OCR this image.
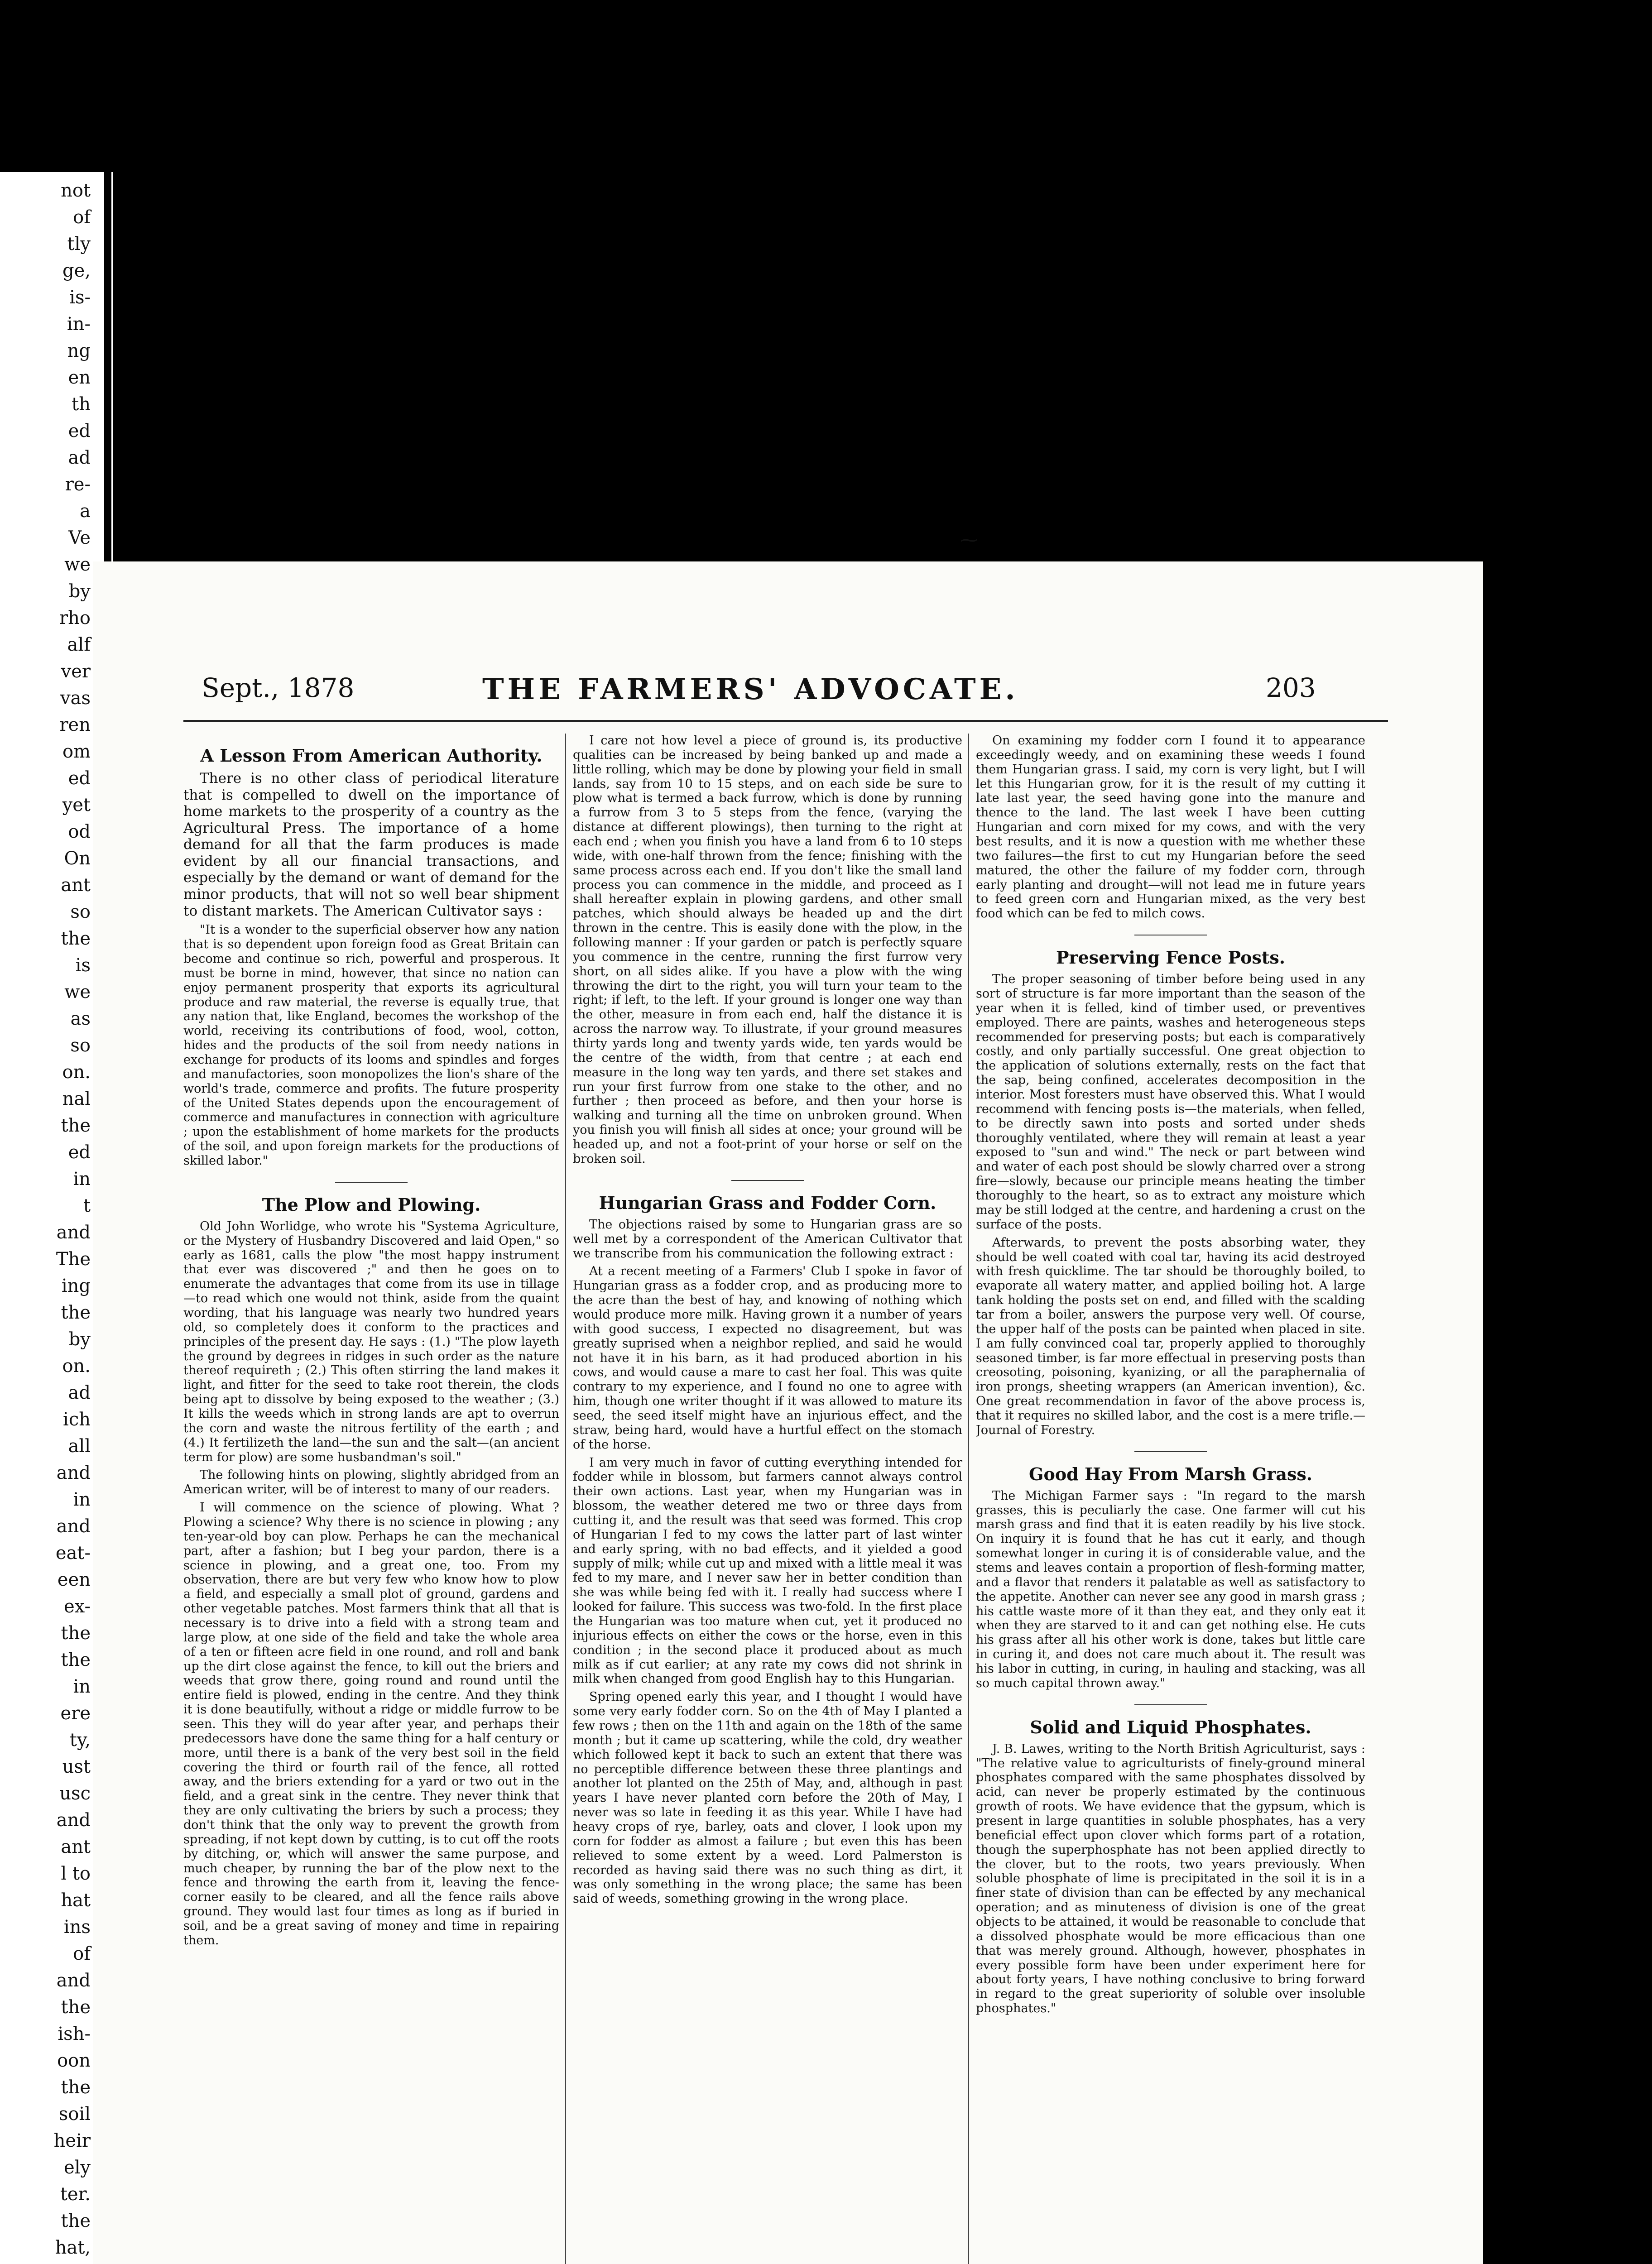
not
of
tly
ge,
is-
in-
ng
en
th
ed
ad
re-
a
Ve
we
by
rho
alf
ver
vas
ren
om
ed
yet
od
On
ant
so
the
is
we
as
so
on.
nal
the
ed
in
t
and
The
ing
the
by
on.
ad
ich
all
and
in
and
eat-
een
ex-
the
the
in
ere
ty,
ust
usc
and
ant
l to
hat
ins
of
and
the
ish-
oon
the
soil
heir
ely
ter.
the
hat,
⁓
Sept., 1878	THE FARMERS' ADVOCATE.	203
A Lesson From American Authority.

There is no other class of periodical literature that is compelled to dwell on the importance of home markets to the prosperity of a country as the Agricultural Press. The importance of a home demand for all that the farm produces is made evident by all our financial transactions, and especially by the demand or want of demand for the minor products, that will not so well bear shipment to distant markets. The American Cultivator says :

"It is a wonder to the superficial observer how any nation that is so dependent upon foreign food as Great Britain can become and continue so rich, powerful and prosperous. It must be borne in mind, however, that since no nation can enjoy permanent prosperity that exports its agricultural produce and raw material, the reverse is equally true, that any nation that, like England, becomes the workshop of the world, receiving its contributions of food, wool, cotton, hides and the products of the soil from needy nations in exchange for products of its looms and spindles and forges and manufactories, soon monopolizes the lion's share of the world's trade, commerce and profits. The future prosperity of the United States depends upon the encouragement of commerce and manufactures in connection with agriculture ; upon the establishment of home markets for the products of the soil, and upon foreign markets for the productions of skilled labor."

The Plow and Plowing.

Old John Worlidge, who wrote his "Systema Agriculture, or the Mystery of Husbandry Discovered and laid Open," so early as 1681, calls the plow "the most happy instrument that ever was discovered ;" and then he goes on to enumerate the advantages that come from its use in tillage—to read which one would not think, aside from the quaint wording, that his language was nearly two hundred years old, so completely does it conform to the practices and principles of the present day. He says : (1.) "The plow layeth the ground by degrees in ridges in such order as the nature thereof requireth ; (2.) This often stirring the land makes it light, and fitter for the seed to take root therein, the clods being apt to dissolve by being exposed to the weather ; (3.) It kills the weeds which in strong lands are apt to overrun the corn and waste the nitrous fertility of the earth ; and (4.) It fertilizeth the land—the sun and the salt—(an ancient term for plow) are some husbandman's soil."

The following hints on plowing, slightly abridged from an American writer, will be of interest to many of our readers.

I will commence on the science of plowing. What ? Plowing a science? Why there is no science in plowing ; any ten-year-old boy can plow. Perhaps he can the mechanical part, after a fashion; but I beg your pardon, there is a science in plowing, and a great one, too. From my observation, there are but very few who know how to plow a field, and especially a small plot of ground, gardens and other vegetable patches. Most farmers think that all that is necessary is to drive into a field with a strong team and large plow, at one side of the field and take the whole area of a ten or fifteen acre field in one round, and roll and bank up the dirt close against the fence, to kill out the briers and weeds that grow there, going round and round until the entire field is plowed, ending in the centre. And they think it is done beautifully, without a ridge or middle furrow to be seen. This they will do year after year, and perhaps their predecessors have done the same thing for a half century or more, until there is a bank of the very best soil in the field covering the third or fourth rail of the fence, all rotted away, and the briers extending for a yard or two out in the field, and a great sink in the centre. They never think that they are only cultivating the briers by such a process; they don't think that the only way to prevent the growth from spreading, if not kept down by cutting, is to cut off the roots by ditching, or, which will answer the same purpose, and much cheaper, by running the bar of the plow next to the fence and throwing the earth from it, leaving the fence-corner easily to be cleared, and all the fence rails above ground. They would last four times as long as if buried in soil, and be a great saving of money and time in repairing them.

I care not how level a piece of ground is, its productive qualities can be increased by being banked up and made a little rolling, which may be done by plowing your field in small lands, say from 10 to 15 steps, and on each side be sure to plow what is termed a back furrow, which is done by running a furrow from 3 to 5 steps from the fence, (varying the distance at different plowings), then turning to the right at each end ; when you finish you have a land from 6 to 10 steps wide, with one-half thrown from the fence; finishing with the same process across each end. If you don't like the small land process you can commence in the middle, and proceed as I shall hereafter explain in plowing gardens, and other small patches, which should always be headed up and the dirt thrown in the centre. This is easily done with the plow, in the following manner : If your garden or patch is perfectly square you commence in the centre, running the first furrow very short, on all sides alike. If you have a plow with the wing throwing the dirt to the right, you will turn your team to the right; if left, to the left. If your ground is longer one way than the other, measure in from each end, half the distance it is across the narrow way. To illustrate, if your ground measures thirty yards long and twenty yards wide, ten yards would be the centre of the width, from that centre ; at each end measure in the long way ten yards, and there set stakes and run your first furrow from one stake to the other, and no further ; then proceed as before, and then your horse is walking and turning all the time on unbroken ground. When you finish you will finish all sides at once; your ground will be headed up, and not a foot-print of your horse or self on the broken soil.

Hungarian Grass and Fodder Corn.

The objections raised by some to Hungarian grass are so well met by a correspondent of the American Cultivator that we transcribe from his communication the following extract :

At a recent meeting of a Farmers' Club I spoke in favor of Hungarian grass as a fodder crop, and as producing more to the acre than the best of hay, and knowing of nothing which would produce more milk. Having grown it a number of years with good success, I expected no disagreement, but was greatly suprised when a neighbor replied, and said he would not have it in his barn, as it had produced abortion in his cows, and would cause a mare to cast her foal. This was quite contrary to my experience, and I found no one to agree with him, though one writer thought if it was allowed to mature its seed, the seed itself might have an injurious effect, and the straw, being hard, would have a hurtful effect on the stomach of the horse.

I am very much in favor of cutting everything intended for fodder while in blossom, but farmers cannot always control their own actions. Last year, when my Hungarian was in blossom, the weather detered me two or three days from cutting it, and the result was that seed was formed. This crop of Hungarian I fed to my cows the latter part of last winter and early spring, with no bad effects, and it yielded a good supply of milk; while cut up and mixed with a little meal it was fed to my mare, and I never saw her in better condition than she was while being fed with it. I really had success where I looked for failure. This success was two-fold. In the first place the Hungarian was too mature when cut, yet it produced no injurious effects on either the cows or the horse, even in this condition ; in the second place it produced about as much milk as if cut earlier; at any rate my cows did not shrink in milk when changed from good English hay to this Hungarian.

Spring opened early this year, and I thought I would have some very early fodder corn. So on the 4th of May I planted a few rows ; then on the 11th and again on the 18th of the same month ; but it came up scattering, while the cold, dry weather which followed kept it back to such an extent that there was no perceptible difference between these three plantings and another lot planted on the 25th of May, and, although in past years I have never planted corn before the 20th of May, I never was so late in feeding it as this year. While I have had heavy crops of rye, barley, oats and clover, I look upon my corn for fodder as almost a failure ; but even this has been relieved to some extent by a weed. Lord Palmerston is recorded as having said there was no such thing as dirt, it was only something in the wrong place; the same has been said of weeds, something growing in the wrong place.

On examining my fodder corn I found it to appearance exceedingly weedy, and on examining these weeds I found them Hungarian grass. I said, my corn is very light, but I will let this Hungarian grow, for it is the result of my cutting it late last year, the seed having gone into the manure and thence to the land. The last week I have been cutting Hungarian and corn mixed for my cows, and with the very best results, and it is now a question with me whether these two failures—the first to cut my Hungarian before the seed matured, the other the failure of my fodder corn, through early planting and drought—will not lead me in future years to feed green corn and Hungarian mixed, as the very best food which can be fed to milch cows.

Preserving Fence Posts.

The proper seasoning of timber before being used in any sort of structure is far more important than the season of the year when it is felled, kind of timber used, or preventives employed. There are paints, washes and heterogeneous steps recommended for preserving posts; but each is comparatively costly, and only partially successful. One great objection to the application of solutions externally, rests on the fact that the sap, being confined, accelerates decomposition in the interior. Most foresters must have observed this. What I would recommend with fencing posts is—the materials, when felled, to be directly sawn into posts and sorted under sheds thoroughly ventilated, where they will remain at least a year exposed to "sun and wind." The neck or part between wind and water of each post should be slowly charred over a strong fire—slowly, because our principle means heating the timber thoroughly to the heart, so as to extract any moisture which may be still lodged at the centre, and hardening a crust on the surface of the posts.

Afterwards, to prevent the posts absorbing water, they should be well coated with coal tar, having its acid destroyed with fresh quicklime. The tar should be thoroughly boiled, to evaporate all watery matter, and applied boiling hot. A large tank holding the posts set on end, and filled with the scalding tar from a boiler, answers the purpose very well. Of course, the upper half of the posts can be painted when placed in site. I am fully convinced coal tar, properly applied to thoroughly seasoned timber, is far more effectual in preserving posts than creosoting, poisoning, kyanizing, or all the paraphernalia of iron prongs, sheeting wrappers (an American invention), &c. One great recommendation in favor of the above process is, that it requires no skilled labor, and the cost is a mere trifle.—Journal of Forestry.

Good Hay From Marsh Grass.

The Michigan Farmer says : "In regard to the marsh grasses, this is peculiarly the case. One farmer will cut his marsh grass and find that it is eaten readily by his live stock. On inquiry it is found that he has cut it early, and though somewhat longer in curing it is of considerable value, and the stems and leaves contain a proportion of flesh-forming matter, and a flavor that renders it palatable as well as satisfactory to the appetite. Another can never see any good in marsh grass ; his cattle waste more of it than they eat, and they only eat it when they are starved to it and can get nothing else. He cuts his grass after all his other work is done, takes but little care in curing it, and does not care much about it. The result was his labor in cutting, in curing, in hauling and stacking, was all so much capital thrown away."

Solid and Liquid Phosphates.

J. B. Lawes, writing to the North British Agriculturist, says : "The relative value to agriculturists of finely-ground mineral phosphates compared with the same phosphates dissolved by acid, can never be properly estimated by the continuous growth of roots. We have evidence that the gypsum, which is present in large quantities in soluble phosphates, has a very beneficial effect upon clover which forms part of a rotation, though the superphosphate has not been applied directly to the clover, but to the roots, two years previously. When soluble phosphate of lime is precipitated in the soil it is in a finer state of division than can be effected by any mechanical operation; and as minuteness of division is one of the great objects to be attained, it would be reasonable to conclude that a dissolved phosphate would be more efficacious than one that was merely ground. Although, however, phosphates in every possible form have been under experiment here for about forty years, I have nothing conclusive to bring forward in regard to the great superiority of soluble over insoluble phosphates."
